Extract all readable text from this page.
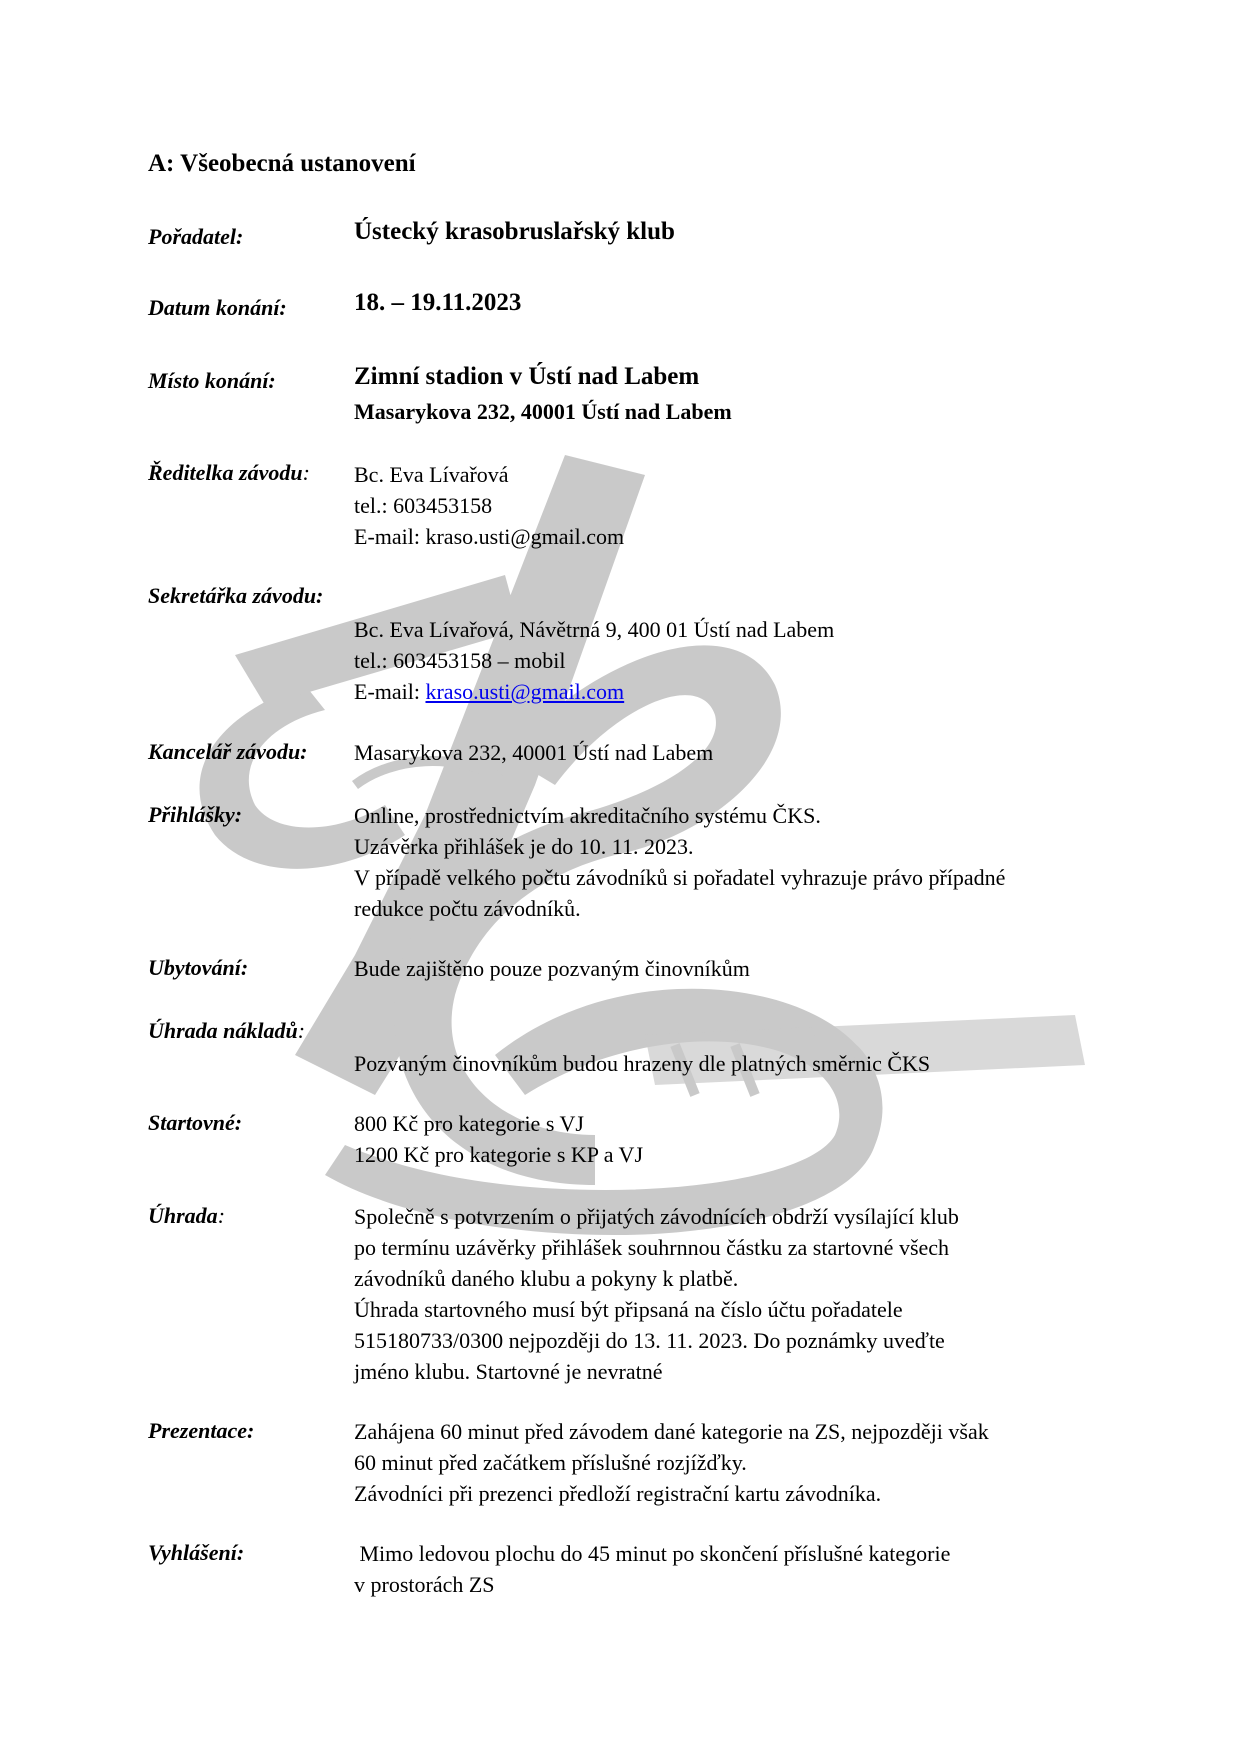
A: Všeobecná ustanovení
Pořadatel:	Ústecký krasobruslařský klub
Datum konání:	18. – 19.11.2023
Místo konání:	Zimní stadion v Ústí nad Labem
Masarykova 232, 40001 Ústí nad Labem
Ředitelka závodu: Bc. Eva Lívařová
tel.: 603453158
E-mail: kraso.usti@gmail.com
Sekretářka závodu:
Bc. Eva Lívařová, Návětrná 9, 400 01 Ústí nad Labem
tel.: 603453158 – mobil
E-mail: kraso.usti@gmail.com
Kancelář závodu: Masarykova 232, 40001 Ústí nad Labem
Přihlášky:	Online, prostřednictvím akreditačního systému ČKS.
Uzávěrka přihlášek je do 10. 11. 2023.
V případě velkého počtu závodníků si pořadatel vyhrazuje právo případné
redukce počtu závodníků.
Ubytování:	Bude zajištěno pouze pozvaným činovníkům
Úhrada nákladů:
Pozvaným činovníkům budou hrazeny dle platných směrnic ČKS
Startovné:	800 Kč pro kategorie s VJ
1200 Kč pro kategorie s KP a VJ
Úhrada:	Společně s potvrzením o přijatých závodnících obdrží vysílající klub
po termínu uzávěrky přihlášek souhrnnou částku za startovné všech
závodníků daného klubu a pokyny k platbě.
Úhrada startovného musí být připsaná na číslo účtu pořadatele
515180733/0300 nejpozději do 13. 11. 2023. Do poznámky uveďte
jméno klubu. Startovné je nevratné
Prezentace:	Zahájena 60 minut před závodem dané kategorie na ZS, nejpozději však
60 minut před začátkem příslušné rozjížďky.
Závodníci při prezenci předloží registrační kartu závodníka.
Vyhlášení:	Mimo ledovou plochu do 45 minut po skončení příslušné kategorie
v prostorách ZS
